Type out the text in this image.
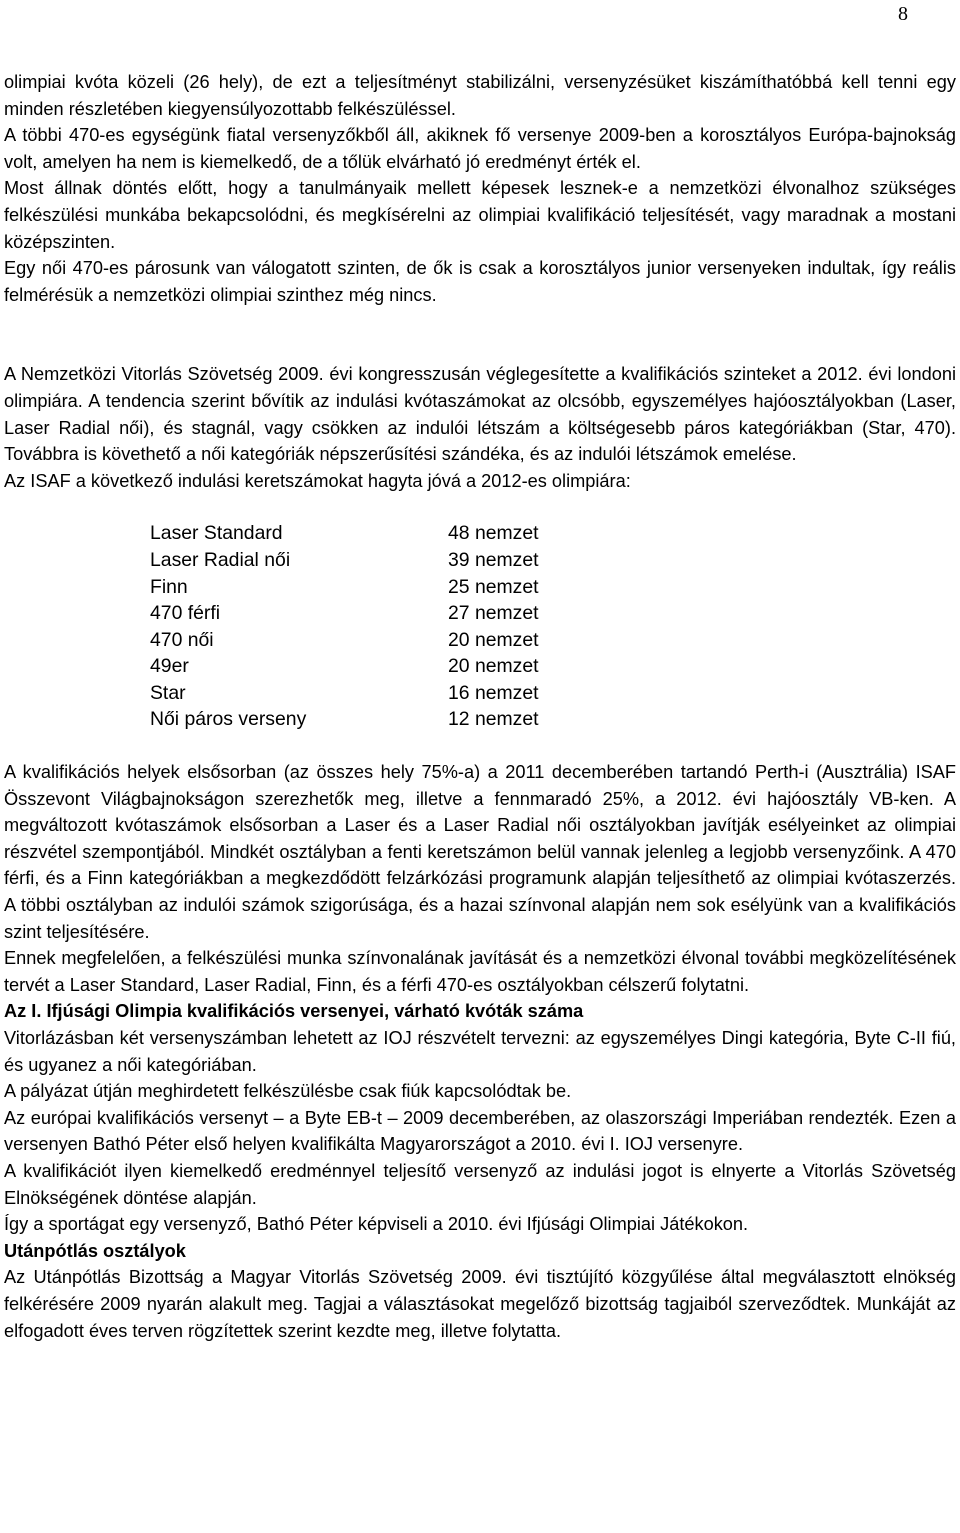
8

olimpiai kvóta közeli (26 hely), de ezt a teljesítményt stabilizálni, versenyzésüket kiszámíthatóbbá kell tenni egy minden részletében kiegyensúlyozottabb felkészüléssel.

A többi 470-es egységünk fiatal versenyzőkből áll, akiknek fő versenye 2009-ben a korosztályos Európa-bajnokság volt, amelyen ha nem is kiemelkedő, de a tőlük elvárható jó eredményt érték el.

Most állnak döntés előtt, hogy a tanulmányaik mellett képesek lesznek-e a nemzetközi élvonalhoz szükséges felkészülési munkába bekapcsolódni, és megkísérelni az olimpiai kvalifikáció teljesítését, vagy maradnak a mostani középszinten.

Egy női 470-es párosunk van válogatott szinten, de ők is csak a korosztályos junior versenyeken indultak, így reális felmérésük a nemzetközi olimpiai szinthez még nincs.

A Nemzetközi Vitorlás Szövetség 2009. évi kongresszusán véglegesítette a kvalifikációs szinteket a 2012. évi londoni olimpiára. A tendencia szerint bővítik az indulási kvótaszámokat az olcsóbb, egyszemélyes hajóosztályokban (Laser, Laser Radial női), és stagnál, vagy csökken az indulói létszám a költségesebb páros kategóriákban (Star, 470). Továbbra is követhető a női kategóriák népszerűsítési szándéka, és az indulói létszámok emelése.

Az ISAF a következő indulási keretszámokat hagyta jóvá a 2012-es olimpiára:

Laser Standard	48 nemzet
Laser Radial női	39 nemzet
Finn	25 nemzet
470 férfi	27 nemzet
470 női	20 nemzet
49er	20 nemzet
Star	16 nemzet
Női páros verseny	12 nemzet

A kvalifikációs helyek elsősorban (az összes hely 75%-a) a 2011 decemberében tartandó Perth-i (Ausztrália) ISAF Összevont Világbajnokságon szerezhetők meg, illetve a fennmaradó 25%, a 2012. évi hajóosztály VB-ken. A megváltozott kvótaszámok elsősorban a Laser és a Laser Radial női osztályokban javítják esélyeinket az olimpiai részvétel szempontjából. Mindkét osztályban a fenti keretszámon belül vannak jelenleg a legjobb versenyzőink. A 470 férfi, és a Finn kategóriákban a megkezdődött felzárkózási programunk alapján teljesíthető az olimpiai kvótaszerzés. A többi osztályban az indulói számok szigorúsága, és a hazai színvonal alapján nem sok esélyünk van a kvalifikációs szint teljesítésére.

Ennek megfelelően, a felkészülési munka színvonalának javítását és a nemzetközi élvonal további megközelítésének tervét a Laser Standard, Laser Radial, Finn, és a férfi 470-es osztályokban célszerű folytatni.

Az I. Ifjúsági Olimpia kvalifikációs versenyei, várható kvóták száma

Vitorlázásban két versenyszámban lehetett az IOJ részvételt tervezni: az egyszemélyes Dingi kategória, Byte C-II fiú, és ugyanez a női kategóriában.

A pályázat útján meghirdetett felkészülésbe csak fiúk kapcsolódtak be.

Az európai kvalifikációs versenyt – a Byte EB-t – 2009 decemberében, az olaszországi Imperiában rendezték. Ezen a versenyen Bathó Péter első helyen kvalifikálta Magyarországot a 2010. évi I. IOJ versenyre.

A kvalifikációt ilyen kiemelkedő eredménnyel teljesítő versenyző az indulási jogot is elnyerte a Vitorlás Szövetség Elnökségének döntése alapján.

Így a sportágat egy versenyző, Bathó Péter képviseli a 2010. évi Ifjúsági Olimpiai Játékokon.

Utánpótlás osztályok

Az Utánpótlás Bizottság a Magyar Vitorlás Szövetség 2009. évi tisztújító közgyűlése által megválasztott elnökség felkérésére 2009 nyarán alakult meg. Tagjai a választásokat megelőző bizottság tagjaiból szerveződtek. Munkáját az elfogadott éves terven rögzítettek szerint kezdte meg, illetve folytatta.
